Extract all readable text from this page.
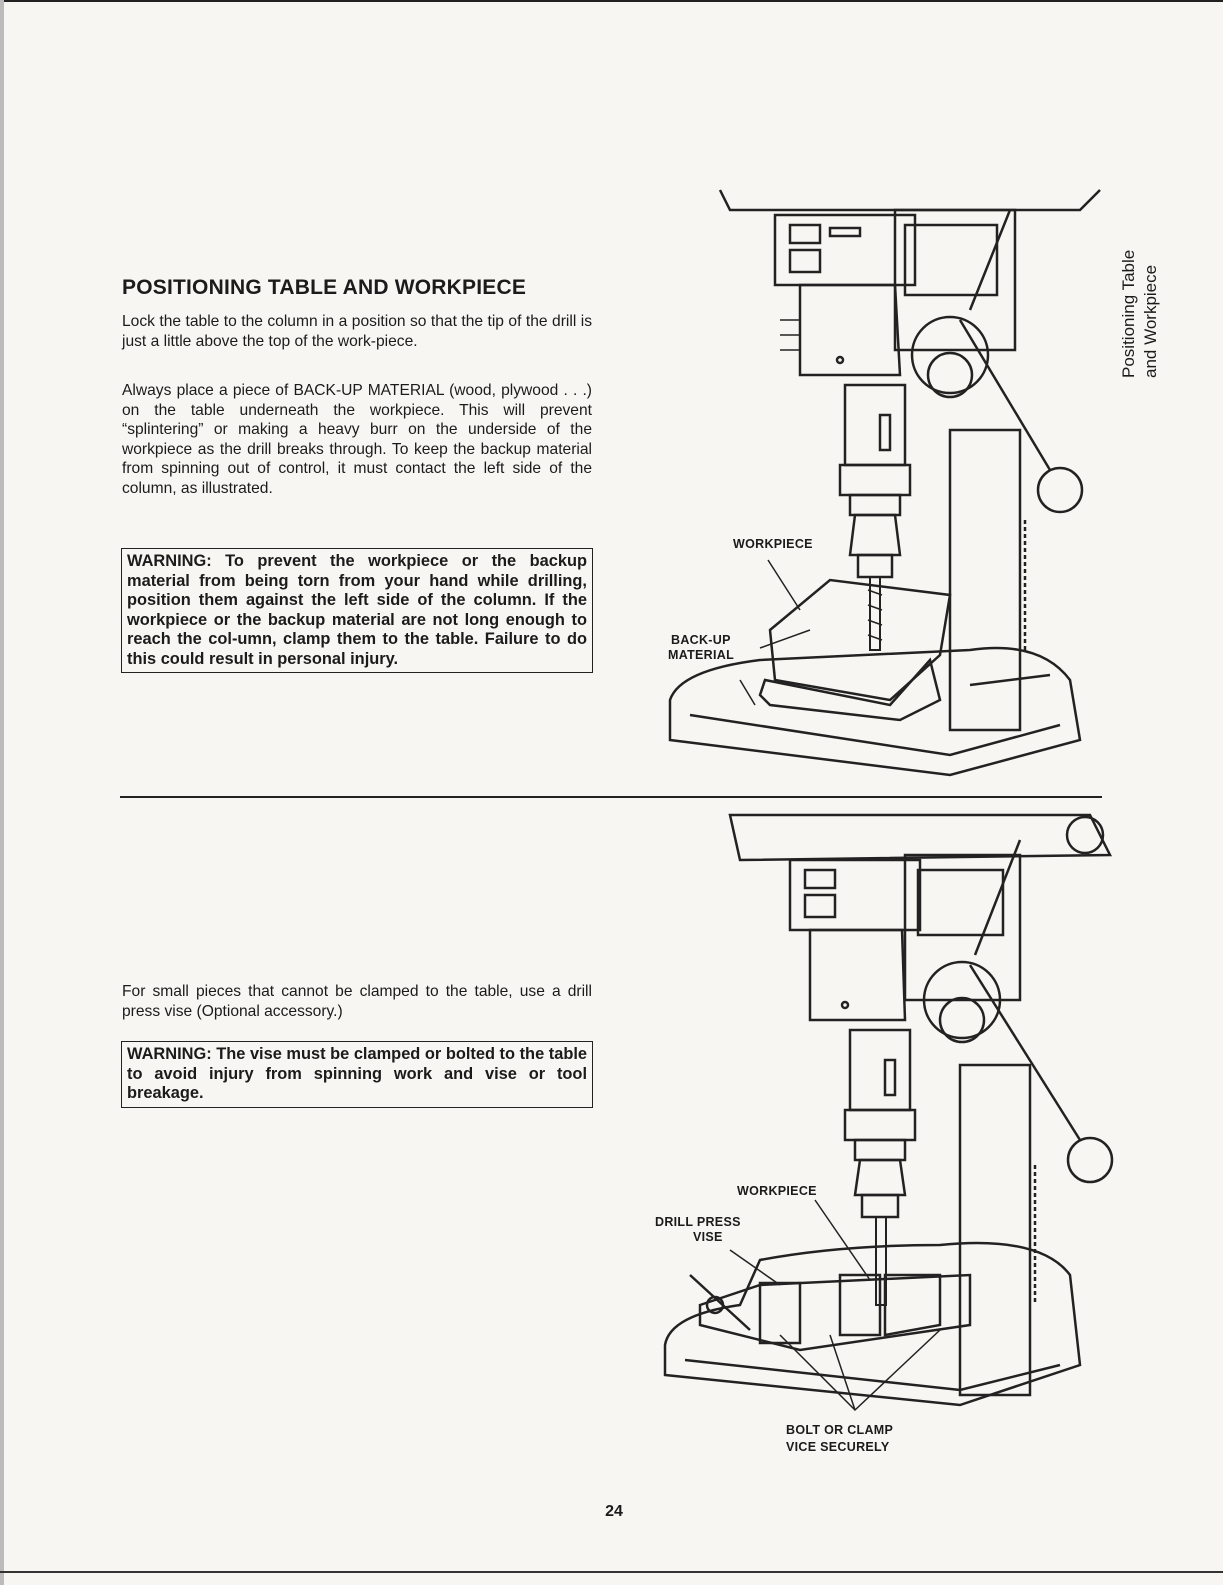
Positioning Table and Workpiece
POSITIONING TABLE AND WORKPIECE

Lock the table to the column in a position so that the tip of the drill is just a little above the top of the work-piece.

Always place a piece of BACK-UP MATERIAL (wood, plywood . . .) on the table underneath the workpiece. This will prevent “splintering” or making a heavy burr on the underside of the workpiece as the drill breaks through. To keep the backup material from spinning out of control, it must contact the left side of the column, as illustrated.

WARNING: To prevent the workpiece or the backup material from being torn from your hand while drilling, position them against the left side of the column. If the workpiece or the backup material are not long enough to reach the col-umn, clamp them to the table. Failure to do this could result in personal injury.

WORKPIECE
BACK-UP
MATERIAL

For small pieces that cannot be clamped to the table, use a drill press vise (Optional accessory.)

WARNING: The vise must be clamped or bolted to the table to avoid injury from spinning work and vise or tool breakage.

WORKPIECE
DRILL PRESS
VISE
BOLT OR CLAMP
VICE SECURELY

24
